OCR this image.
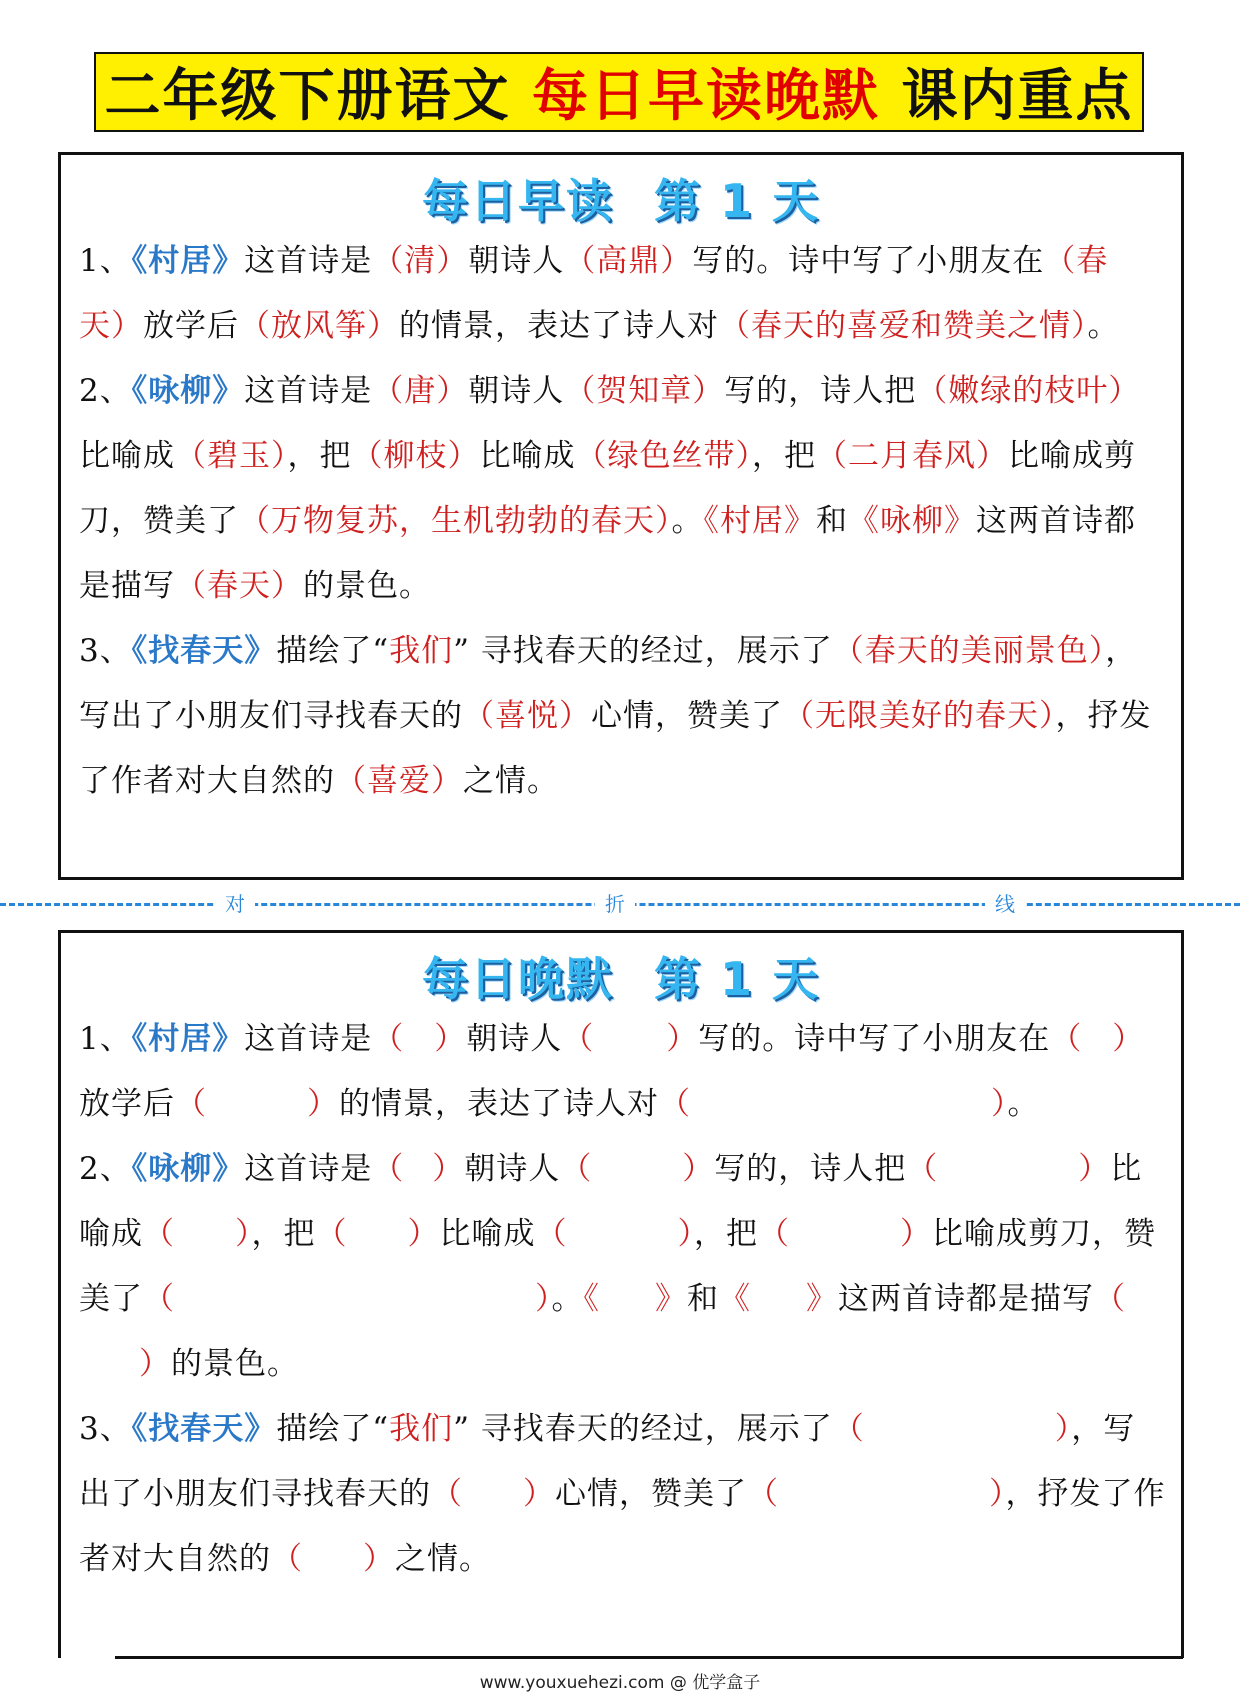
二年级下册语文 每日早读晚默 课内重点
每日早读 第 1 天

1、《村居》这首诗是（清）朝诗人（高鼎）写的。诗中写了小朋友在（春天）放学后（放风筝）的情景，表达了诗人对（春天的喜爱和赞美之情）。

2、《咏柳》这首诗是（唐）朝诗人（贺知章）写的，诗人把（嫩绿的枝叶）比喻成（碧玉），把（柳枝）比喻成（绿色丝带），把（二月春风）比喻成剪刀，赞美了（万物复苏，生机勃勃的春天）。《村居》和《咏柳》这两首诗都是描写（春天）的景色。

3、《找春天》描绘了“我们” 寻找春天的经过，展示了（春天的美丽景色），写出了小朋友们寻找春天的（喜悦）心情，赞美了（无限美好的春天），抒发了作者对大自然的（喜爱）之情。

对	折	线
每日晚默 第 1 天

1、《村居》这首诗是（ ）朝诗人（ ）写的。诗中写了小朋友在（ ）放学后（	）的情景，表达了诗人对（	）。

2、《咏柳》这首诗是（ ）朝诗人（	）写的，诗人把（	）比喻成（ ），把（ ）比喻成（	），把（	）比喻成剪刀，赞美了（	）。《 》和《 》这两首诗都是描写（）的景色。

3、《找春天》描绘了“我们” 寻找春天的经过，展示了（	），写出了小朋友们寻找春天的（ ）心情，赞美了（	），抒发了作者对大自然的（ ）之情。

www.youxuehezi.com @ 优学盒子
